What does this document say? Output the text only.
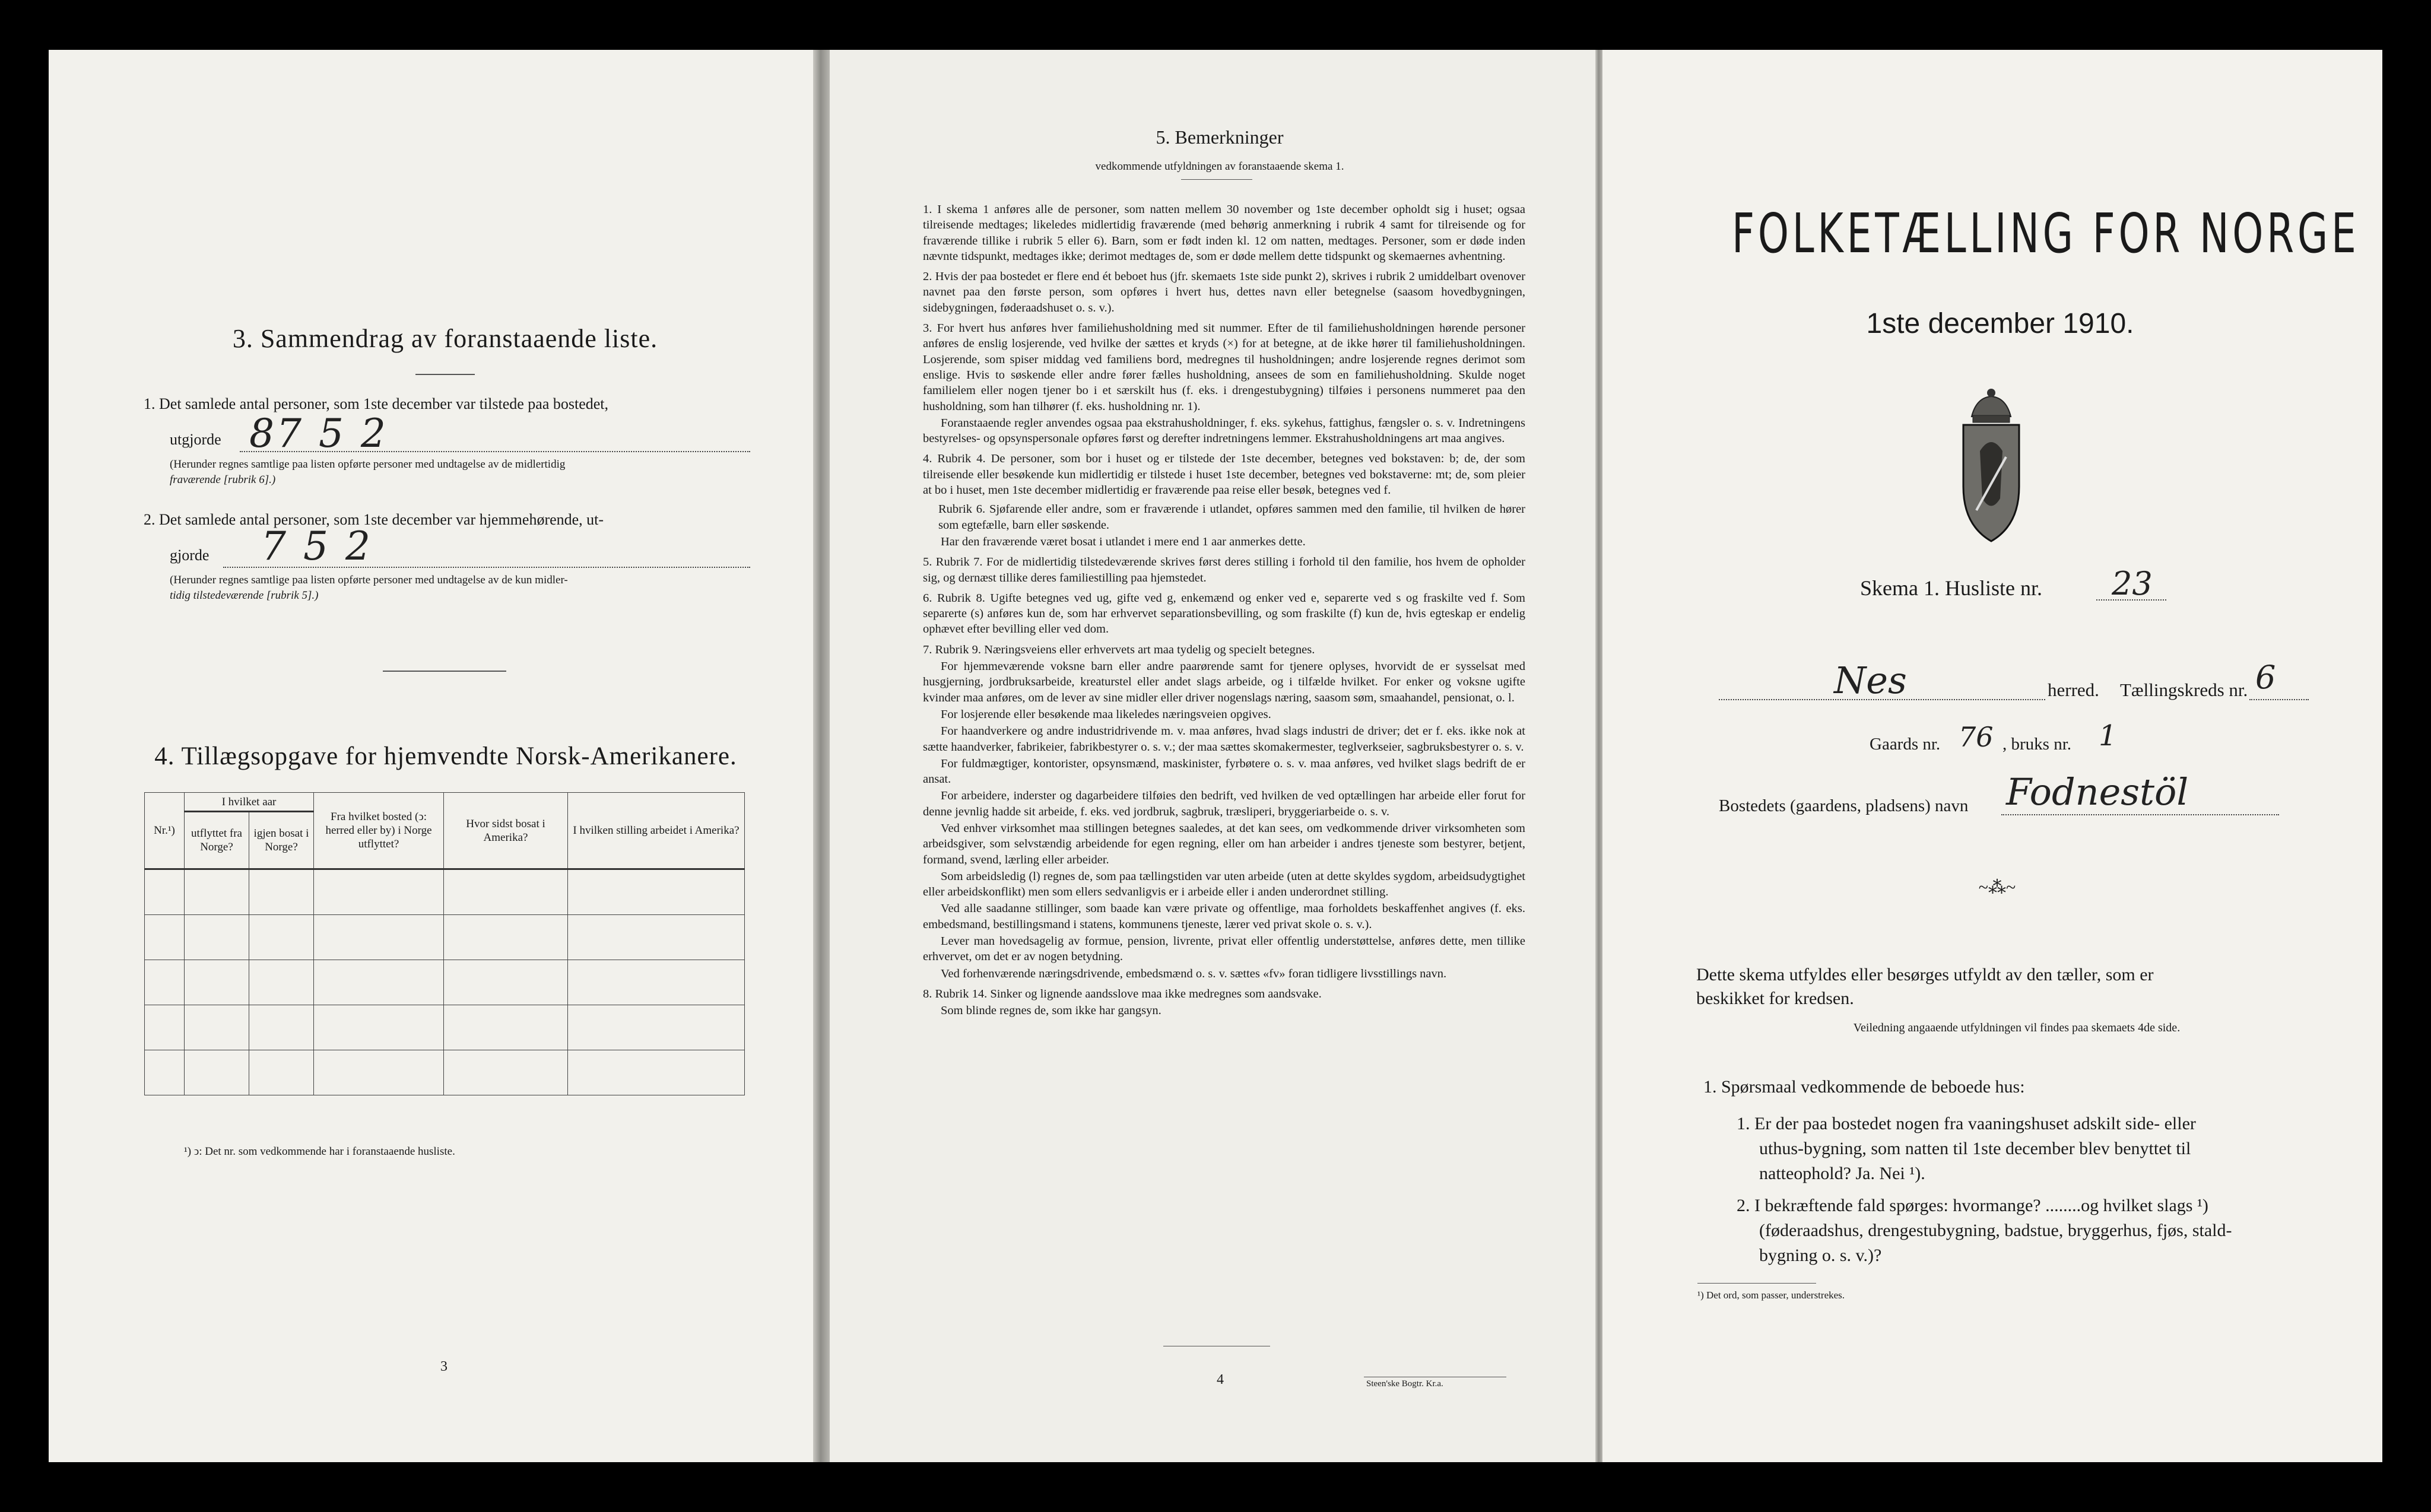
3. Sammendrag av foranstaaende liste.
1. Det samlede antal personer, som 1ste december var tilstede paa bostedet,
utgjorde 87 5 2
(Herunder regnes samtlige paa listen opførte personer med undtagelse av de midlertidig
fraværende [rubrik 6].)
2. Det samlede antal personer, som 1ste december var hjemmehørende, ut-
gjorde 7 5 2
(Herunder regnes samtlige paa listen opførte personer med undtagelse av de kun midler-
tidig tilstedeværende [rubrik 5].)
4. Tillægsopgave for hjemvendte Norsk-Amerikanere.
Nr.¹)	I hvilket aar		Fra hvilket bosted (ↄ: herred eller by) i Norge utflyttet?	Hvor sidst bosat i Amerika?	I hvilken stilling arbeidet i Amerika?
	utflyttet fra Norge?	igjen bosat i Norge?			

¹) ↄ: Det nr. som vedkommende har i foranstaaende husliste.
3
5. Bemerkninger
vedkommende utfyldningen av foranstaaende skema 1.

1. I skema 1 anføres alle de personer, som natten mellem 30 november og 1ste december opholdt sig i huset; ogsaa tilreisende medtages; likeledes midlertidig fraværende (med behørig anmerkning i rubrik 4 samt for tilreisende og for fraværende tillike i rubrik 5 eller 6). Barn, som er født inden kl. 12 om natten, medtages. Personer, som er døde inden nævnte tidspunkt, medtages ikke; derimot medtages de, som er døde mellem dette tidspunkt og skemaernes avhentning.

2. Hvis der paa bostedet er flere end ét beboet hus (jfr. skemaets 1ste side punkt 2), skrives i rubrik 2 umiddelbart ovenover navnet paa den første person, som opføres i hvert hus, dettes navn eller betegnelse (saasom hovedbygningen, sidebygningen, føderaadshuset o. s. v.).

3. For hvert hus anføres hver familiehusholdning med sit nummer. Efter de til familiehusholdningen hørende personer anføres de enslig losjerende, ved hvilke der sættes et kryds (×) for at betegne, at de ikke hører til familiehusholdningen. Losjerende, som spiser middag ved familiens bord, medregnes til husholdningen; andre losjerende regnes derimot som enslige. Hvis to søskende eller andre fører fælles husholdning, ansees de som en familiehusholdning. Skulde noget familielem eller nogen tjener bo i et særskilt hus (f. eks. i drengestubygning) tilføies i personens nummeret paa den husholdning, som han tilhører (f. eks. husholdning nr. 1).

Foranstaaende regler anvendes ogsaa paa ekstrahusholdninger, f. eks. sykehus, fattighus, fængsler o. s. v. Indretningens bestyrelses- og opsynspersonale opføres først og derefter indretningens lemmer. Ekstrahusholdningens art maa angives.

4. Rubrik 4. De personer, som bor i huset og er tilstede der 1ste december, betegnes ved bokstaven: b; de, der som tilreisende eller besøkende kun midlertidig er tilstede i huset 1ste december, betegnes ved bokstaverne: mt; de, som pleier at bo i huset, men 1ste december midlertidig er fraværende paa reise eller besøk, betegnes ved f.

Rubrik 6. Sjøfarende eller andre, som er fraværende i utlandet, opføres sammen med den familie, til hvilken de hører som egtefælle, barn eller søskende.

Har den fraværende været bosat i utlandet i mere end 1 aar anmerkes dette.

5. Rubrik 7. For de midlertidig tilstedeværende skrives først deres stilling i forhold til den familie, hos hvem de opholder sig, og dernæst tillike deres familiestilling paa hjemstedet.

6. Rubrik 8. Ugifte betegnes ved ug, gifte ved g, enkemænd og enker ved e, separerte ved s og fraskilte ved f. Som separerte (s) anføres kun de, som har erhvervet separationsbevilling, og som fraskilte (f) kun de, hvis egteskap er endelig ophævet efter bevilling eller ved dom.

7. Rubrik 9. Næringsveiens eller erhvervets art maa tydelig og specielt betegnes.

For hjemmeværende voksne barn eller andre paarørende samt for tjenere oplyses, hvorvidt de er sysselsat med husgjerning, jordbruksarbeide, kreaturstel eller andet slags arbeide, og i tilfælde hvilket. For enker og voksne ugifte kvinder maa anføres, om de lever av sine midler eller driver nogenslags næring, saasom søm, smaahandel, pensionat, o. l.

For losjerende eller besøkende maa likeledes næringsveien opgives.

For haandverkere og andre industridrivende m. v. maa anføres, hvad slags industri de driver; det er f. eks. ikke nok at sætte haandverker, fabrikeier, fabrikbestyrer o. s. v.; der maa sættes skomakermester, teglverkseier, sagbruksbestyrer o. s. v.

For fuldmægtiger, kontorister, opsynsmænd, maskinister, fyrbøtere o. s. v. maa anføres, ved hvilket slags bedrift de er ansat.

For arbeidere, inderster og dagarbeidere tilføies den bedrift, ved hvilken de ved optællingen har arbeide eller forut for denne jevnlig hadde sit arbeide, f. eks. ved jordbruk, sagbruk, træsliperi, bryggeriarbeide o. s. v.

Ved enhver virksomhet maa stillingen betegnes saaledes, at det kan sees, om vedkommende driver virksomheten som arbeidsgiver, som selvstændig arbeidende for egen regning, eller om han arbeider i andres tjeneste som bestyrer, betjent, formand, svend, lærling eller arbeider.

Som arbeidsledig (l) regnes de, som paa tællingstiden var uten arbeide (uten at dette skyldes sygdom, arbeidsudygtighet eller arbeidskonflikt) men som ellers sedvanligvis er i arbeide eller i anden underordnet stilling.

Ved alle saadanne stillinger, som baade kan være private og offentlige, maa forholdets beskaffenhet angives (f. eks. embedsmand, bestillingsmand i statens, kommunens tjeneste, lærer ved privat skole o. s. v.).

Lever man hovedsagelig av formue, pension, livrente, privat eller offentlig understøttelse, anføres dette, men tillike erhvervet, om det er av nogen betydning.

Ved forhenværende næringsdrivende, embedsmænd o. s. v. sættes «fv» foran tidligere livsstillings navn.

8. Rubrik 14. Sinker og lignende aandsslove maa ikke medregnes som aandsvake.

Som blinde regnes de, som ikke har gangsyn.

4	Steen'ske Bogtr. Kr.a.
FOLKETÆLLING FOR NORGE
1ste december 1910.
Skema 1. Husliste nr. 23
Nes	herred. Tællingskreds nr. 6
Gaards nr. 76 , bruks nr. 1
Bostedets (gaardens, pladsens) navn Fodnestöl
~⁂~
Dette skema utfyldes eller besørges utfyldt av den tæller, som er
beskikket for kredsen.
Veiledning angaaende utfyldningen vil findes paa skemaets 4de side.
1. Spørsmaal vedkommende de beboede hus:
1. Er der paa bostedet nogen fra vaaningshuset adskilt side- eller
uthus-bygning, som natten til 1ste december blev benyttet til
natteophold? Ja. Nei ¹).
2. I bekræftende fald spørges: hvormange? ........og hvilket slags ¹)
(føderaadshus, drengestubygning, badstue, bryggerhus, fjøs, stald-
bygning o. s. v.)?
¹) Det ord, som passer, understrekes.
